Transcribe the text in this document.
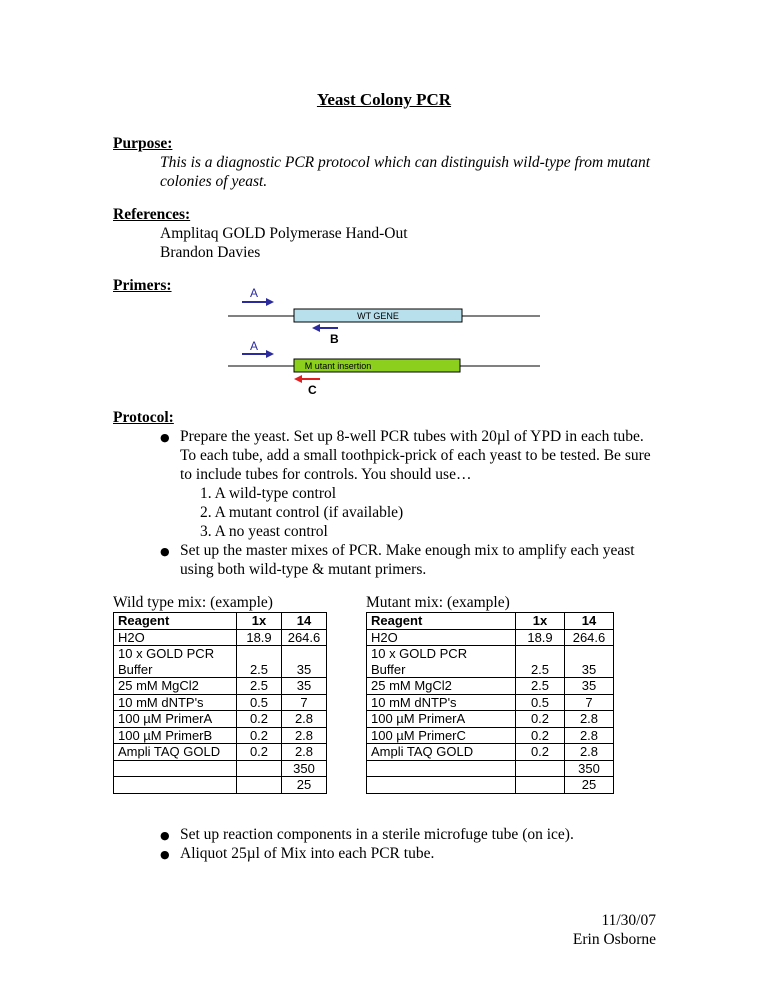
Yeast Colony PCR
Purpose:
This is a diagnostic PCR protocol which can distinguish wild-type from mutant
colonies of yeast.
References:
Amplitaq GOLD Polymerase Hand-Out
Brandon Davies
Primers:
WT GENE
A
B
M utant insertion
A
C
Protocol:
● Prepare the yeast. Set up 8-well PCR tubes with 20µl of YPD in each tube.
To each tube, add a small toothpick-prick of each yeast to be tested. Be sure
to include tubes for controls. You should use…
1. A wild-type control
2. A mutant control (if available)
3. A no yeast control
● Set up the master mixes of PCR. Make enough mix to amplify each yeast
using both wild-type & mutant primers.
Wild type mix: (example)
Reagent	1x	14
H2O	18.9	264.6
10 x GOLD PCR
Buffer	2.5	35
25 mM MgCl2	2.5	35
10 mM dNTP's	0.5	7
100 µM PrimerA	0.2	2.8
100 µM PrimerB	0.2	2.8
Ampli TAQ GOLD	0.2	2.8
		350
		25
Mutant mix: (example)
Reagent	1x	14
H2O	18.9	264.6
10 x GOLD PCR
Buffer	2.5	35
25 mM MgCl2	2.5	35
10 mM dNTP's	0.5	7
100 µM PrimerA	0.2	2.8
100 µM PrimerC	0.2	2.8
Ampli TAQ GOLD	0.2	2.8
		350
		25
● Set up reaction components in a sterile microfuge tube (on ice).
● Aliquot 25µl of Mix into each PCR tube.
11/30/07
Erin Osborne
